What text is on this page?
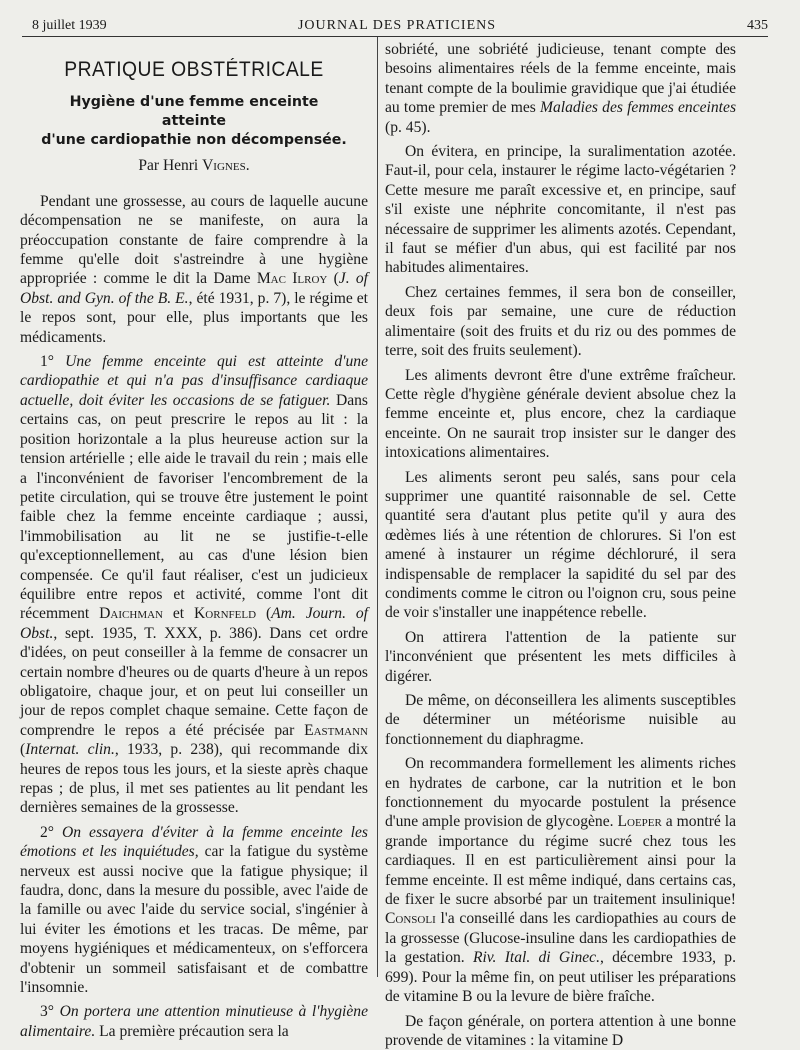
8 juillet 1939	JOURNAL DES PRATICIENS	435
PRATIQUE OBSTÉTRICALE
Hygiène d'une femme enceinte
atteinte
d'une cardiopathie non décompensée.
Par Henri Vignes.

Pendant une grossesse, au cours de laquelle aucune décompensation ne se manifeste, on aura la préoccupation constante de faire comprendre à la femme qu'elle doit s'astreindre à une hygiène appropriée : comme le dit la Dame Mac Ilroy (J. of Obst. and Gyn. of the B. E., été 1931, p. 7), le régime et le repos sont, pour elle, plus importants que les médicaments.

1° Une femme enceinte qui est atteinte d'une cardiopathie et qui n'a pas d'insuffisance cardiaque actuelle, doit éviter les occasions de se fatiguer. Dans certains cas, on peut prescrire le repos au lit : la position horizontale a la plus heureuse action sur la tension artérielle ; elle aide le travail du rein ; mais elle a l'inconvénient de favoriser l'encombrement de la petite circulation, qui se trouve être justement le point faible chez la femme enceinte cardiaque ; aussi, l'immobilisation au lit ne se justifie-t-elle qu'exceptionnellement, au cas d'une lésion bien compensée. Ce qu'il faut réaliser, c'est un judicieux équilibre entre repos et activité, comme l'ont dit récemment Daichman et Kornfeld (Am. Journ. of Obst., sept. 1935, T. XXX, p. 386). Dans cet ordre d'idées, on peut conseiller à la femme de consacrer un certain nombre d'heures ou de quarts d'heure à un repos obligatoire, chaque jour, et on peut lui conseiller un jour de repos complet chaque semaine. Cette façon de comprendre le repos a été précisée par Eastmann (Internat. clin., 1933, p. 238), qui recommande dix heures de repos tous les jours, et la sieste après chaque repas ; de plus, il met ses patientes au lit pendant les dernières semaines de la grossesse.

2° On essayera d'éviter à la femme enceinte les émotions et les inquiétudes, car la fatigue du système nerveux est aussi nocive que la fatigue physique; il faudra, donc, dans la mesure du possible, avec l'aide de la famille ou avec l'aide du service social, s'ingénier à lui éviter les émotions et les tracas. De même, par moyens hygiéniques et médicamenteux, on s'efforcera d'obtenir un sommeil satisfaisant et de combattre l'insomnie.

3° On portera une attention minutieuse à l'hygiène alimentaire. La première précaution sera la

sobriété, une sobriété judicieuse, tenant compte des besoins alimentaires réels de la femme enceinte, mais tenant compte de la boulimie gravidique que j'ai étudiée au tome premier de mes Maladies des femmes enceintes (p. 45).

On évitera, en principe, la suralimentation azotée. Faut-il, pour cela, instaurer le régime lacto-végétarien ? Cette mesure me paraît excessive et, en principe, sauf s'il existe une néphrite concomitante, il n'est pas nécessaire de supprimer les aliments azotés. Cependant, il faut se méfier d'un abus, qui est facilité par nos habitudes alimentaires.

Chez certaines femmes, il sera bon de conseiller, deux fois par semaine, une cure de réduction alimentaire (soit des fruits et du riz ou des pommes de terre, soit des fruits seulement).

Les aliments devront être d'une extrême fraîcheur. Cette règle d'hygiène générale devient absolue chez la femme enceinte et, plus encore, chez la cardiaque enceinte. On ne saurait trop insister sur le danger des intoxications alimentaires.

Les aliments seront peu salés, sans pour cela supprimer une quantité raisonnable de sel. Cette quantité sera d'autant plus petite qu'il y aura des œdèmes liés à une rétention de chlorures. Si l'on est amené à instaurer un régime déchloruré, il sera indispensable de remplacer la sapidité du sel par des condiments comme le citron ou l'oignon cru, sous peine de voir s'installer une inappétence rebelle.

On attirera l'attention de la patiente sur l'inconvénient que présentent les mets difficiles à digérer.

De même, on déconseillera les aliments susceptibles de déterminer un météorisme nuisible au fonctionnement du diaphragme.

On recommandera formellement les aliments riches en hydrates de carbone, car la nutrition et le bon fonctionnement du myocarde postulent la présence d'une ample provision de glycogène. Loeper a montré la grande importance du régime sucré chez tous les cardiaques. Il en est particulièrement ainsi pour la femme enceinte. Il est même indiqué, dans certains cas, de fixer le sucre absorbé par un traitement insulinique! Consoli l'a conseillé dans les cardiopathies au cours de la grossesse (Glucose-insuline dans les cardiopathies de la gestation. Riv. Ital. di Ginec., décembre 1933, p. 699). Pour la même fin, on peut utiliser les préparations de vitamine B ou la levure de bière fraîche.

De façon générale, on portera attention à une bonne provende de vitamines : la vitamine D
